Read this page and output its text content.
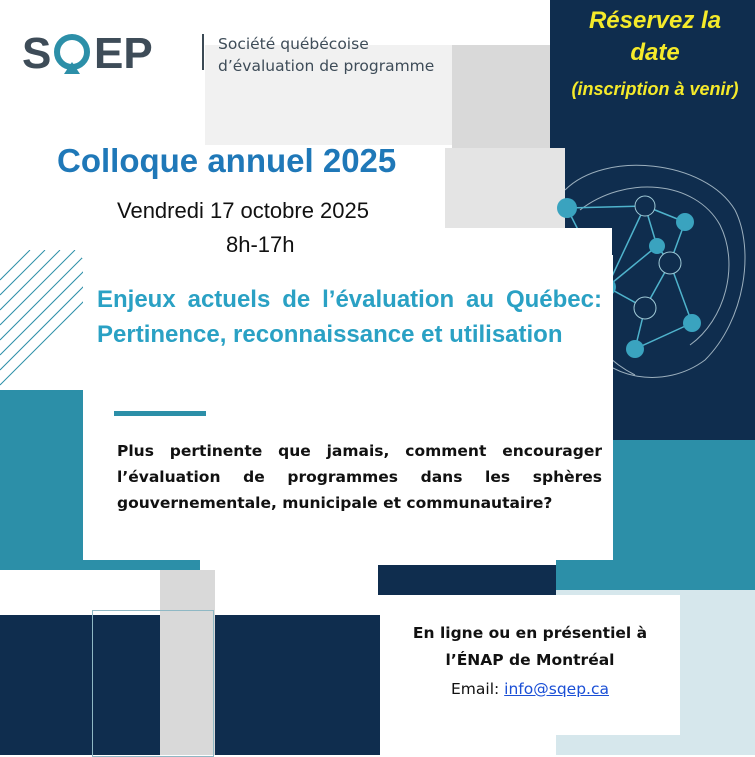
S EP	Société québécoise
d’évaluation de programme
Réservez la
date
(inscription à venir)
Colloque annuel 2025
Vendredi 17 octobre 2025
8h-17h
Enjeux actuels de l’évaluation au Québec: Pertinence, reconnaissance et utilisation
Plus pertinente que jamais, comment encourager l’évaluation de programmes dans les sphères gouvernementale, municipale et communautaire?
En ligne ou en présentiel à l’ÉNAP de Montréal
Email: info@sqep.ca
